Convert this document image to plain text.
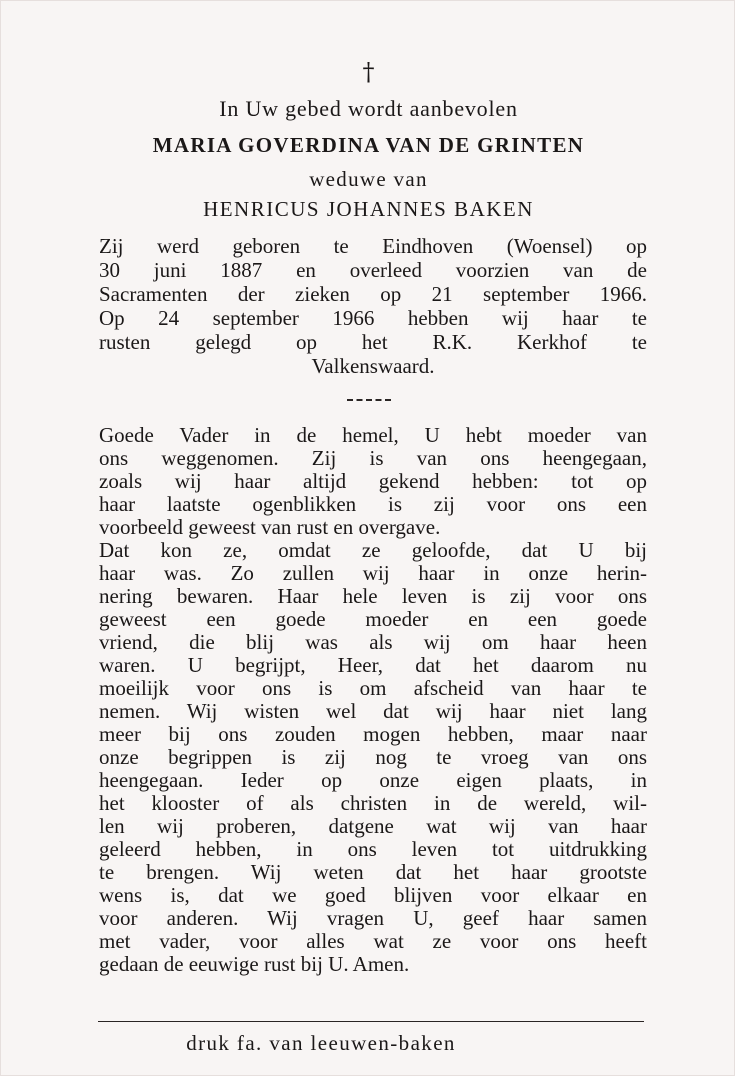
†
In Uw gebed wordt aanbevolen
MARIA GOVERDINA VAN DE GRINTEN
weduwe van
HENRICUS JOHANNES BAKEN
Zij werd geboren te Eindhoven (Woensel) op
30 juni 1887 en overleed voorzien van de
Sacramenten der zieken op 21 september 1966.
Op 24 september 1966 hebben wij haar te
rusten gelegd op het R.K. Kerkhof te
Valkenswaard.
Goede Vader in de hemel, U hebt moeder van
ons weggenomen. Zij is van ons heengegaan,
zoals wij haar altijd gekend hebben: tot op
haar laatste ogenblikken is zij voor ons een
voorbeeld geweest van rust en overgave.
Dat kon ze, omdat ze geloofde, dat U bij
haar was. Zo zullen wij haar in onze herin-
nering bewaren. Haar hele leven is zij voor ons
geweest een goede moeder en een goede
vriend, die blij was als wij om haar heen
waren. U begrijpt, Heer, dat het daarom nu
moeilijk voor ons is om afscheid van haar te
nemen. Wij wisten wel dat wij haar niet lang
meer bij ons zouden mogen hebben, maar naar
onze begrippen is zij nog te vroeg van ons
heengegaan. Ieder op onze eigen plaats, in
het klooster of als christen in de wereld, wil-
len wij proberen, datgene wat wij van haar
geleerd hebben, in ons leven tot uitdrukking
te brengen. Wij weten dat het haar grootste
wens is, dat we goed blijven voor elkaar en
voor anderen. Wij vragen U, geef haar samen
met vader, voor alles wat ze voor ons heeft
gedaan de eeuwige rust bij U. Amen.
druk fa. van leeuwen-baken
